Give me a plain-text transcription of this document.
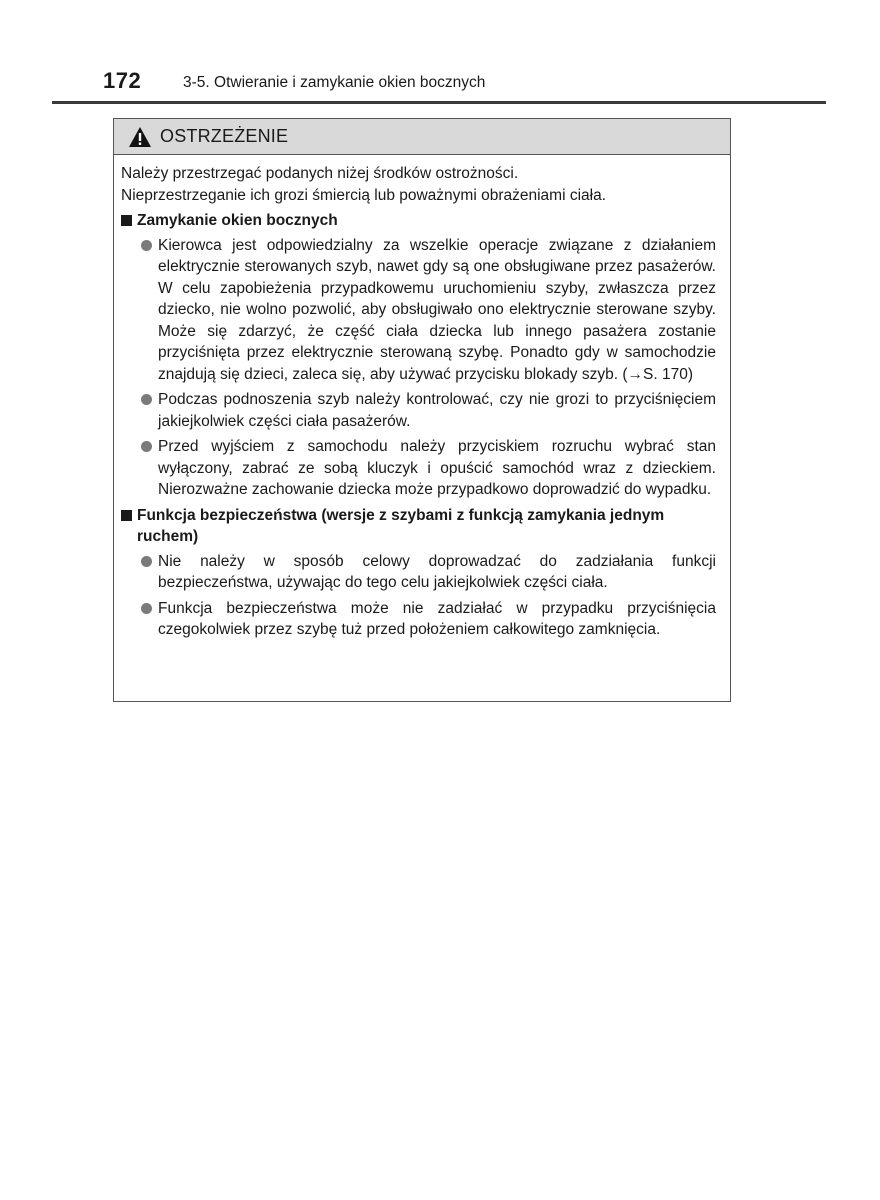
172	3-5. Otwieranie i zamykanie okien bocznych
OSTRZEŻENIE
Należy przestrzegać podanych niżej środków ostrożności.
Nieprzestrzeganie ich grozi śmiercią lub poważnymi obrażeniami ciała.
Zamykanie okien bocznych
Kierowca jest odpowiedzialny za wszelkie operacje związane z działaniem elektrycznie sterowanych szyb, nawet gdy są one obsługiwane przez pasażerów. W celu zapobieżenia przypadkowemu uruchomieniu szyby, zwłaszcza przez dziecko, nie wolno pozwolić, aby obsługiwało ono elektrycznie sterowane szyby. Może się zdarzyć, że część ciała dziecka lub innego pasażera zostanie przyciśnięta przez elektrycznie sterowaną szybę. Ponadto gdy w samochodzie znajdują się dzieci, zaleca się, aby używać przycisku blokady szyb. (→S. 170)
Podczas podnoszenia szyb należy kontrolować, czy nie grozi to przyciśnięciem jakiejkolwiek części ciała pasażerów.
Przed wyjściem z samochodu należy przyciskiem rozruchu wybrać stan wyłączony, zabrać ze sobą kluczyk i opuścić samochód wraz z dzieckiem. Nierozważne zachowanie dziecka może przypadkowo doprowadzić do wypadku.
Funkcja bezpieczeństwa (wersje z szybami z funkcją zamykania jednym ruchem)
Nie należy w sposób celowy doprowadzać do zadziałania funkcji bezpieczeństwa, używając do tego celu jakiejkolwiek części ciała.
Funkcja bezpieczeństwa może nie zadziałać w przypadku przyciśnięcia czegokolwiek przez szybę tuż przed położeniem całkowitego zamknięcia.
